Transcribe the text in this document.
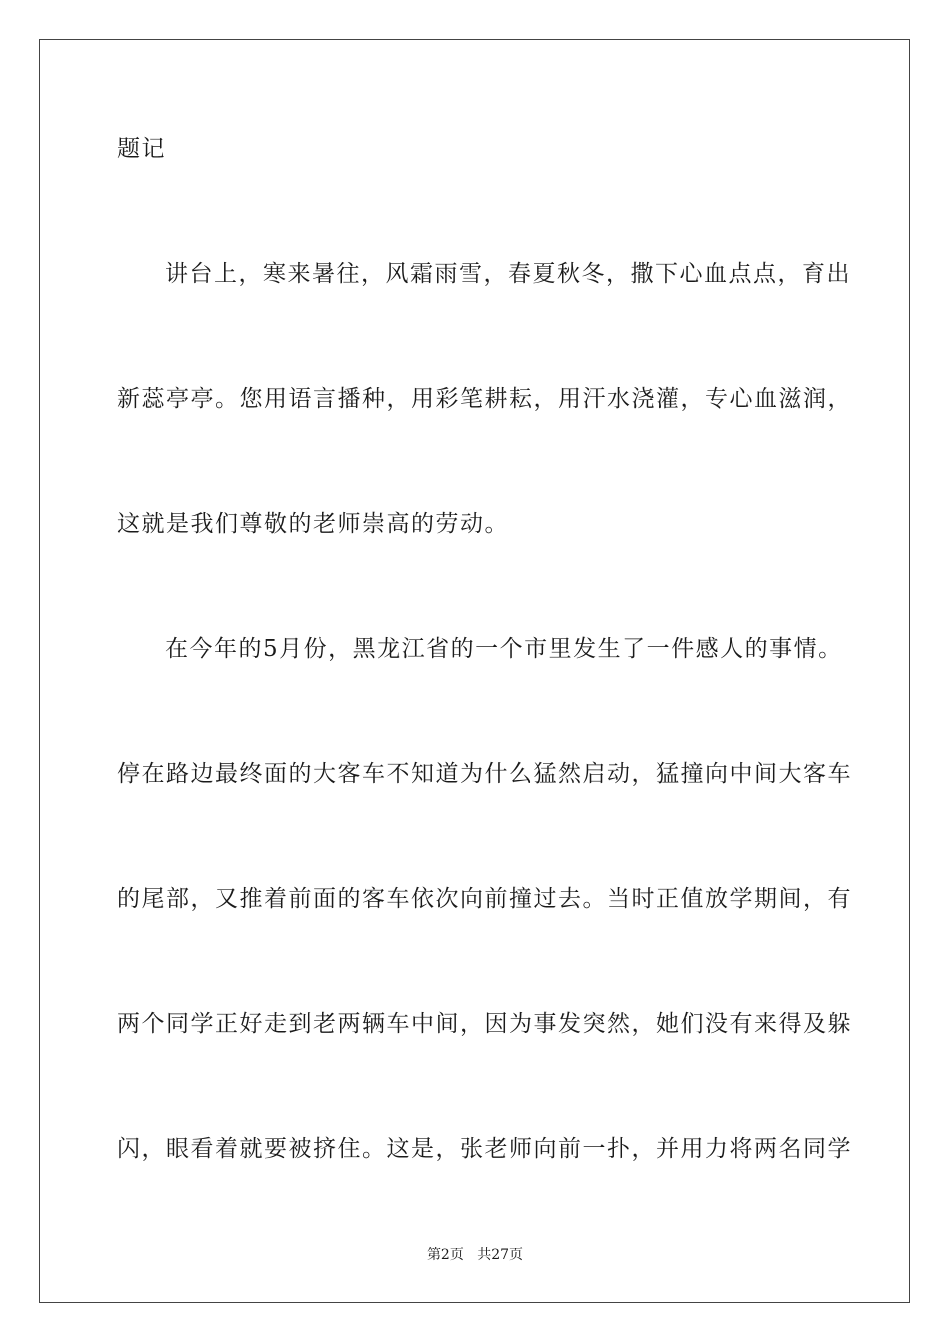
题记
讲台上，寒来暑往，风霜雨雪，春夏秋冬，撒下心血点点，育出
新蕊亭亭。您用语言播种，用彩笔耕耘，用汗水浇灌，专心血滋润，
这就是我们尊敬的老师崇高的劳动。
在今年的5月份，黑龙江省的一个市里发生了一件感人的事情。
停在路边最终面的大客车不知道为什么猛然启动，猛撞向中间大客车
的尾部，又推着前面的客车依次向前撞过去。当时正值放学期间，有
两个同学正好走到老两辆车中间，因为事发突然，她们没有来得及躲
闪，眼看着就要被挤住。这是，张老师向前一扑，并用力将两名同学
第2页 共27页
